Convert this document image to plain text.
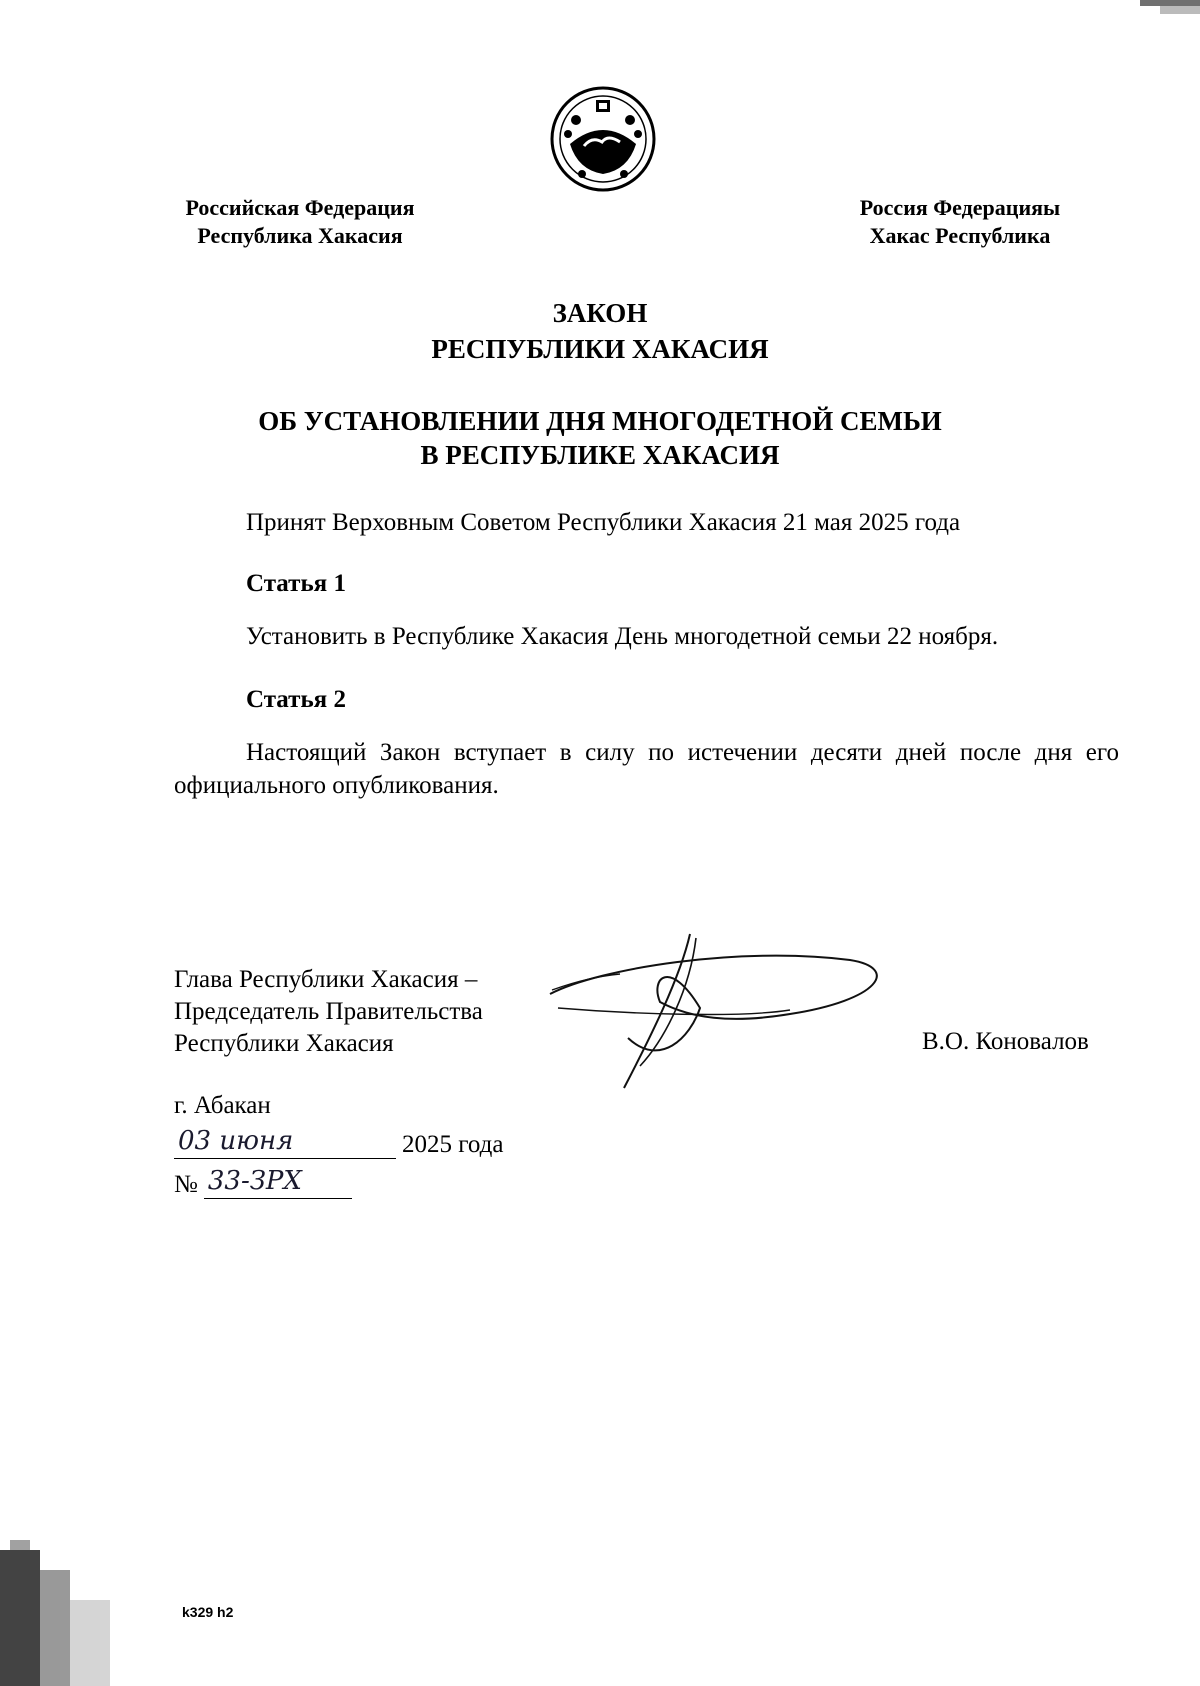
Российская Федерация
Республика Хакасия
Россия Федерацияы
Хакас Республика
ЗАКОН
РЕСПУБЛИКИ ХАКАСИЯ
ОБ УСТАНОВЛЕНИИ ДНЯ МНОГОДЕТНОЙ СЕМЬИ
В РЕСПУБЛИКЕ ХАКАСИЯ
Принят Верховным Советом Республики Хакасия 21 мая 2025 года
Статья 1
Установить в Республике Хакасия День многодетной семьи 22 ноября.
Статья 2
Настоящий Закон вступает в силу по истечении десяти дней после дня его официального опубликования.
Глава Республики Хакасия –
Председатель Правительства
Республики Хакасия	В.О. Коновалов
г. Абакан
03 июня	2025 года
№ 33-ЗРХ
k329 h2
